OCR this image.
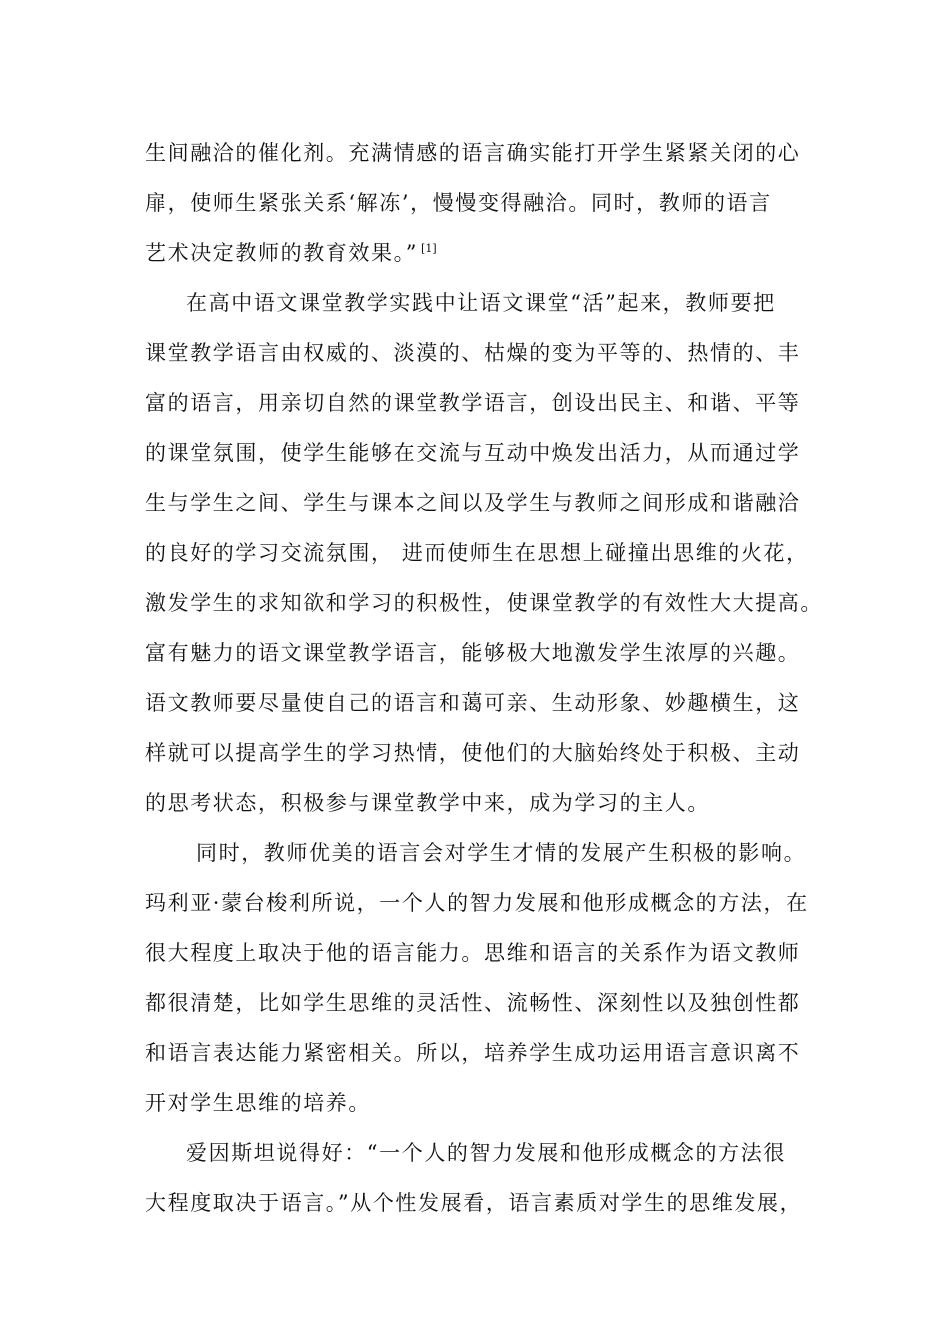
生间融洽的催化剂。充满情感的语言确实能打开学生紧紧关闭的心
扉，使师生紧张关系‘解冻’，慢慢变得融洽。同时，教师的语言
艺术决定教师的教育效果。” [1]
在高中语文课堂教学实践中让语文课堂“活”起来，教师要把
课堂教学语言由权威的、淡漠的、枯燥的变为平等的、热情的、丰
富的语言，用亲切自然的课堂教学语言，创设出民主、和谐、平等
的课堂氛围，使学生能够在交流与互动中焕发出活力，从而通过学
生与学生之间、学生与课本之间以及学生与教师之间形成和谐融洽
的良好的学习交流氛围， 进而使师生在思想上碰撞出思维的火花，
激发学生的求知欲和学习的积极性，使课堂教学的有效性大大提高。
富有魅力的语文课堂教学语言，能够极大地激发学生浓厚的兴趣。
语文教师要尽量使自己的语言和蔼可亲、生动形象、妙趣横生，这
样就可以提高学生的学习热情，使他们的大脑始终处于积极、主动
的思考状态，积极参与课堂教学中来，成为学习的主人。
同时，教师优美的语言会对学生才情的发展产生积极的影响。
玛利亚·蒙台梭利所说，一个人的智力发展和他形成概念的方法，在
很大程度上取决于他的语言能力。思维和语言的关系作为语文教师
都很清楚，比如学生思维的灵活性、流畅性、深刻性以及独创性都
和语言表达能力紧密相关。所以，培养学生成功运用语言意识离不
开对学生思维的培养。
爱因斯坦说得好：“一个人的智力发展和他形成概念的方法很
大程度取决于语言。”从个性发展看，语言素质对学生的思维发展，
